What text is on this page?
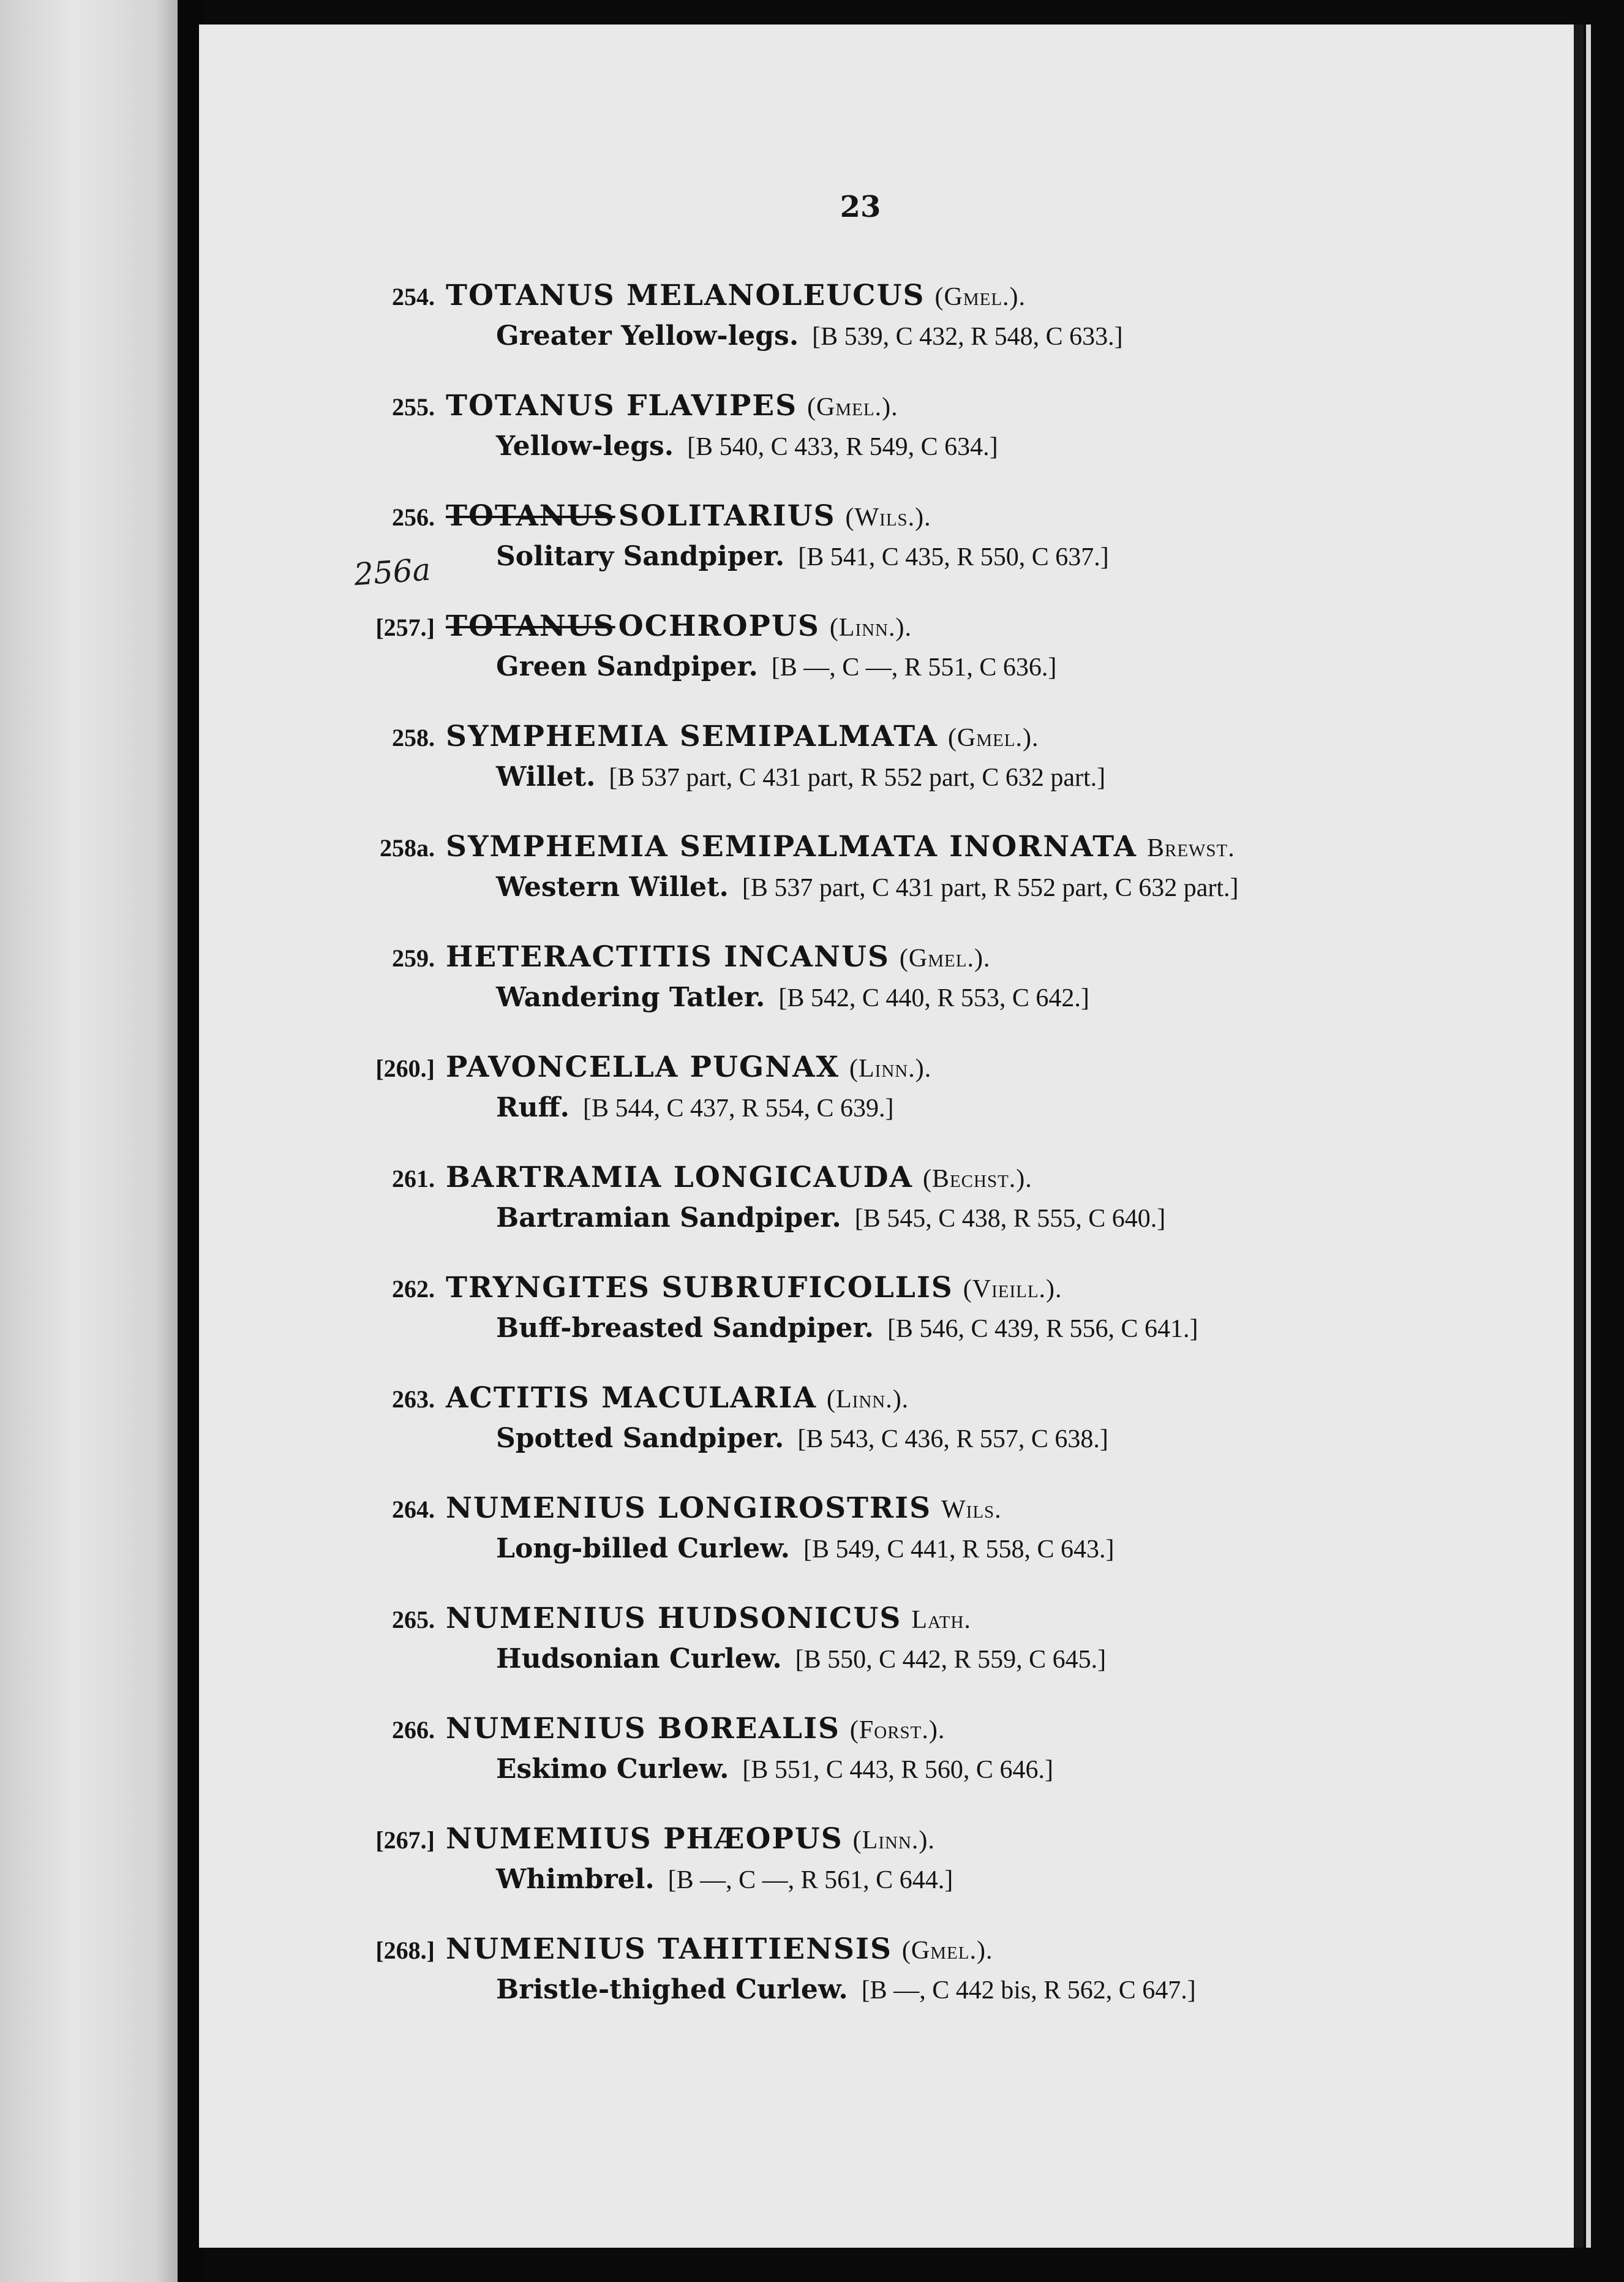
23
256a
254. TOTANUS MELANOLEUCUS (Gmel.).
Greater Yellow-legs. [B 539, C 432, R 548, C 633.]
255. TOTANUS FLAVIPES (Gmel.).
Yellow-legs. [B 540, C 433, R 549, C 634.]
256. TOTANUS SOLITARIUS (Wils.).
Solitary Sandpiper. [B 541, C 435, R 550, C 637.]
[257.] TOTANUS OCHROPUS (Linn.).
Green Sandpiper. [B —, C —, R 551, C 636.]
258. SYMPHEMIA SEMIPALMATA (Gmel.).
Willet. [B 537 part, C 431 part, R 552 part, C 632 part.]
258a. SYMPHEMIA SEMIPALMATA INORNATA Brewst.
Western Willet. [B 537 part, C 431 part, R 552 part, C 632 part.]
259. HETERACTITIS INCANUS (Gmel.).
Wandering Tatler. [B 542, C 440, R 553, C 642.]
[260.] PAVONCELLA PUGNAX (Linn.).
Ruff. [B 544, C 437, R 554, C 639.]
261. BARTRAMIA LONGICAUDA (Bechst.).
Bartramian Sandpiper. [B 545, C 438, R 555, C 640.]
262. TRYNGITES SUBRUFICOLLIS (Vieill.).
Buff-breasted Sandpiper. [B 546, C 439, R 556, C 641.]
263. ACTITIS MACULARIA (Linn.).
Spotted Sandpiper. [B 543, C 436, R 557, C 638.]
264. NUMENIUS LONGIROSTRIS Wils.
Long-billed Curlew. [B 549, C 441, R 558, C 643.]
265. NUMENIUS HUDSONICUS Lath.
Hudsonian Curlew. [B 550, C 442, R 559, C 645.]
266. NUMENIUS BOREALIS (Forst.).
Eskimo Curlew. [B 551, C 443, R 560, C 646.]
[267.] NUMEMIUS PHÆOPUS (Linn.).
Whimbrel. [B —, C —, R 561, C 644.]
[268.] NUMENIUS TAHITIENSIS (Gmel.).
Bristle-thighed Curlew. [B —, C 442 bis, R 562, C 647.]
